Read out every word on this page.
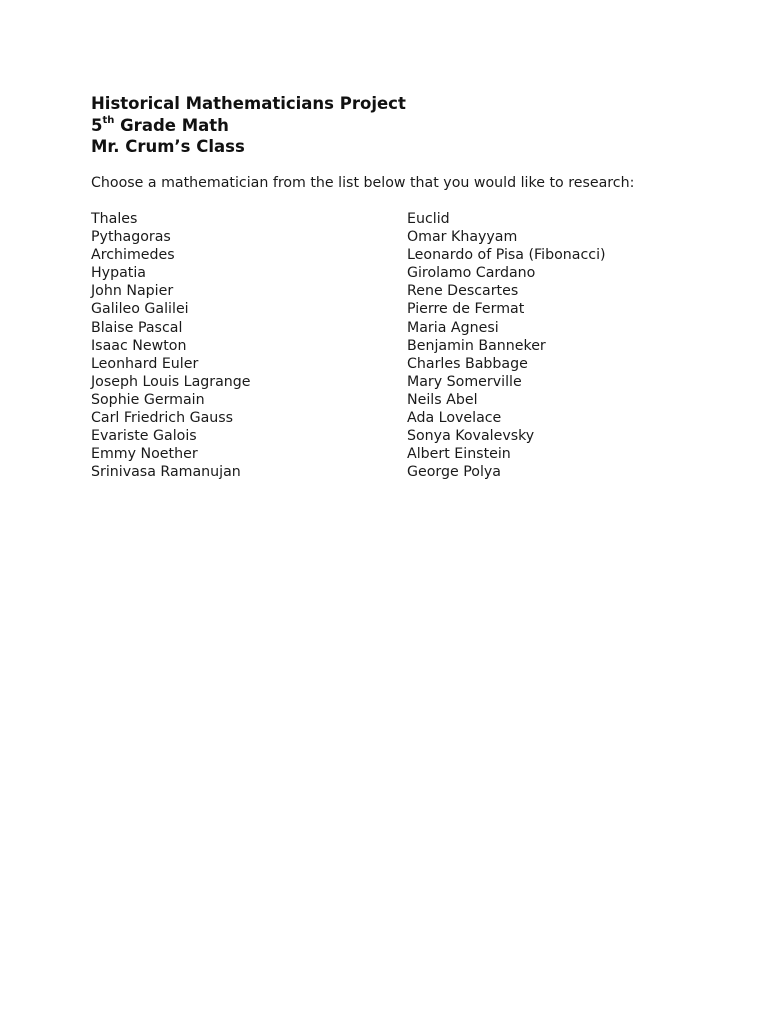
Historical Mathematicians Project
5th Grade Math
Mr. Crum’s Class
Choose a mathematician from the list below that you would like to research:
Thales
Pythagoras
Archimedes
Hypatia
John Napier
Galileo Galilei
Blaise Pascal
Isaac Newton
Leonhard Euler
Joseph Louis Lagrange
Sophie Germain
Carl Friedrich Gauss
Evariste Galois
Emmy Noether
Srinivasa Ramanujan
Euclid
Omar Khayyam
Leonardo of Pisa (Fibonacci)
Girolamo Cardano
Rene Descartes
Pierre de Fermat
Maria Agnesi
Benjamin Banneker
Charles Babbage
Mary Somerville
Neils Abel
Ada Lovelace
Sonya Kovalevsky
Albert Einstein
George Polya
